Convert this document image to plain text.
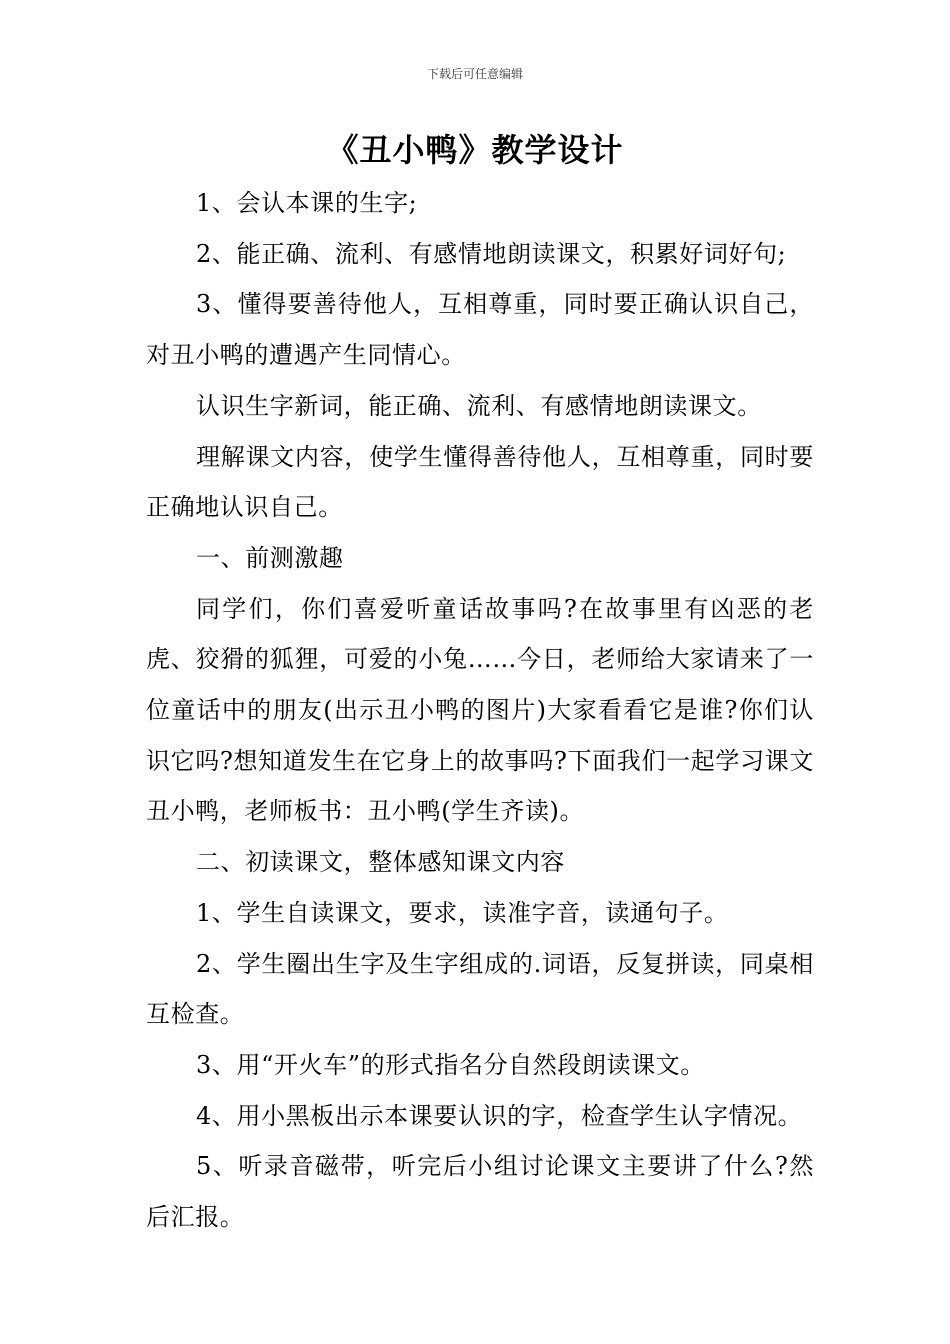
下载后可任意编辑
《丑小鸭》教学设计

1、会认本课的生字;

2、能正确、流利、有感情地朗读课文，积累好词好句;

3、懂得要善待他人，互相尊重，同时要正确认识自己，对丑小鸭的遭遇产生同情心。

认识生字新词，能正确、流利、有感情地朗读课文。

理解课文内容，使学生懂得善待他人，互相尊重，同时要正确地认识自己。

一、前测激趣

同学们，你们喜爱听童话故事吗?在故事里有凶恶的老虎、狡猾的狐狸，可爱的小兔……今日，老师给大家请来了一位童话中的朋友(出示丑小鸭的图片)大家看看它是谁?你们认识它吗?想知道发生在它身上的故事吗?下面我们一起学习课文丑小鸭，老师板书：丑小鸭(学生齐读)。

二、初读课文，整体感知课文内容

1、学生自读课文，要求，读准字音，读通句子。

2、学生圈出生字及生字组成的.词语，反复拼读，同桌相互检查。

3、用“开火车”的形式指名分自然段朗读课文。

4、用小黑板出示本课要认识的字，检查学生认字情况。

5、听录音磁带，听完后小组讨论课文主要讲了什么?然后汇报。
